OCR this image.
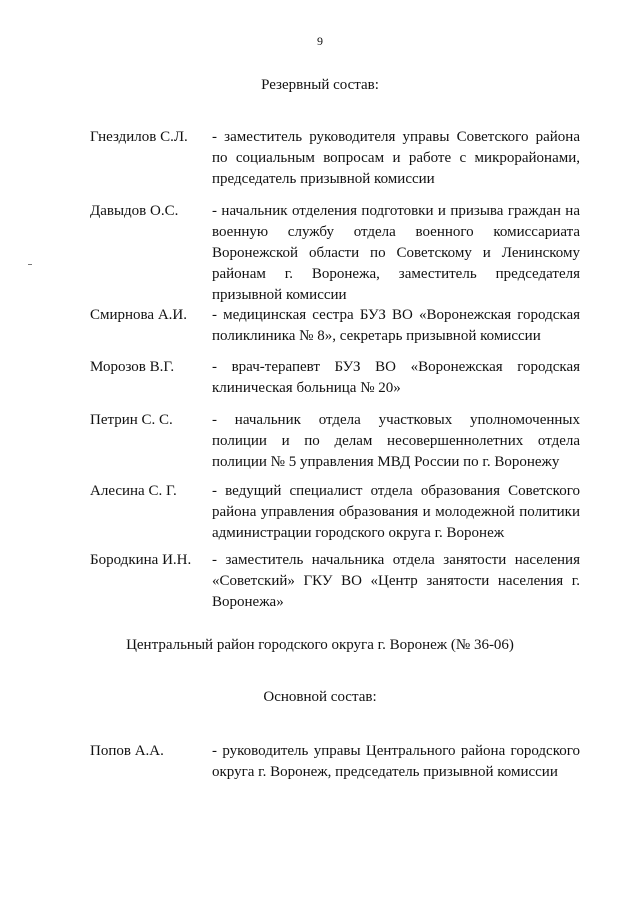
9
Резервный состав:
Гнездилов С.Л. - заместитель руководителя управы Советского района по социальным вопросам и работе с микрорайонами, председатель призывной комиссии
Давыдов О.С. - начальник отделения подготовки и призыва граждан на военную службу отдела военного комиссариата Воронежской области по Советскому и Ленинскому районам г. Воронежа, заместитель председателя призывной комиссии
Смирнова А.И. - медицинская сестра БУЗ ВО «Воронежская городская поликлиника № 8», секретарь призывной комиссии
Морозов В.Г.	- врач-терапевт БУЗ ВО «Воронежская городская клиническая больница № 20»
Петрин С. С.	- начальник отдела участковых уполномоченных полиции и по делам несовершеннолетних отдела полиции № 5 управления МВД России по г. Воронежу
Алесина С. Г. - ведущий специалист отдела образования Советского района управления образования и молодежной политики администрации городского округа г. Воронеж
Бородкина И.Н. - заместитель начальника отдела занятости населения «Советский» ГКУ ВО «Центр занятости населения г. Воронежа»
Центральный район городского округа г. Воронеж (№ 36-06)
Основной состав:
Попов А.А.	- руководитель управы Центрального района городского округа г. Воронеж, председатель призывной комиссии
